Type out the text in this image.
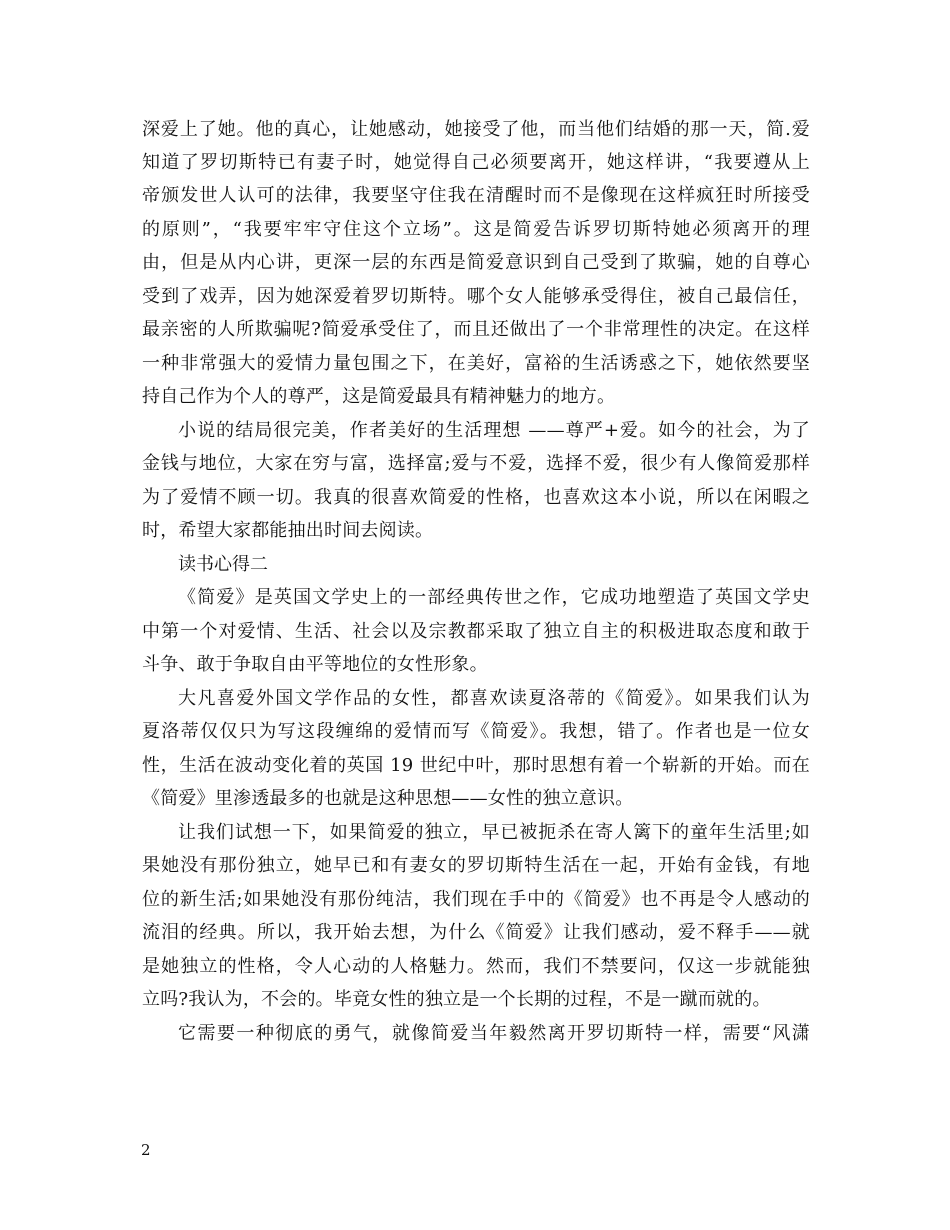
深爱上了她。他的真心，让她感动，她接受了他，而当他们结婚的那一天，简.爱
知道了罗切斯特已有妻子时，她觉得自己必须要离开，她这样讲，“我要遵从上
帝颁发世人认可的法律，我要坚守住我在清醒时而不是像现在这样疯狂时所接受
的原则”，“我要牢牢守住这个立场”。这是简爱告诉罗切斯特她必须离开的理
由，但是从内心讲，更深一层的东西是简爱意识到自己受到了欺骗，她的自尊心
受到了戏弄，因为她深爱着罗切斯特。哪个女人能够承受得住，被自己最信任，
最亲密的人所欺骗呢?简爱承受住了，而且还做出了一个非常理性的决定。在这样
一种非常强大的爱情力量包围之下，在美好，富裕的生活诱惑之下，她依然要坚
持自己作为个人的尊严，这是简爱最具有精神魅力的地方。
小说的结局很完美，作者美好的生活理想 ——尊严+爱。如今的社会，为了
金钱与地位，大家在穷与富，选择富;爱与不爱，选择不爱，很少有人像简爱那样
为了爱情不顾一切。我真的很喜欢简爱的性格，也喜欢这本小说，所以在闲暇之
时，希望大家都能抽出时间去阅读。
读书心得二
《简爱》是英国文学史上的一部经典传世之作，它成功地塑造了英国文学史
中第一个对爱情、生活、社会以及宗教都采取了独立自主的积极进取态度和敢于
斗争、敢于争取自由平等地位的女性形象。
大凡喜爱外国文学作品的女性，都喜欢读夏洛蒂的《简爱》。如果我们认为
夏洛蒂仅仅只为写这段缠绵的爱情而写《简爱》。我想，错了。作者也是一位女
性，生活在波动变化着的英国 19 世纪中叶，那时思想有着一个崭新的开始。而在
《简爱》里渗透最多的也就是这种思想——女性的独立意识。
让我们试想一下，如果简爱的独立，早已被扼杀在寄人篱下的童年生活里;如
果她没有那份独立，她早已和有妻女的罗切斯特生活在一起，开始有金钱，有地
位的新生活;如果她没有那份纯洁，我们现在手中的《简爱》也不再是令人感动的
流泪的经典。所以，我开始去想，为什么《简爱》让我们感动，爱不释手——就
是她独立的性格，令人心动的人格魅力。然而，我们不禁要问，仅这一步就能独
立吗?我认为，不会的。毕竟女性的独立是一个长期的过程，不是一蹴而就的。
它需要一种彻底的勇气，就像简爱当年毅然离开罗切斯特一样，需要“风潇
2
